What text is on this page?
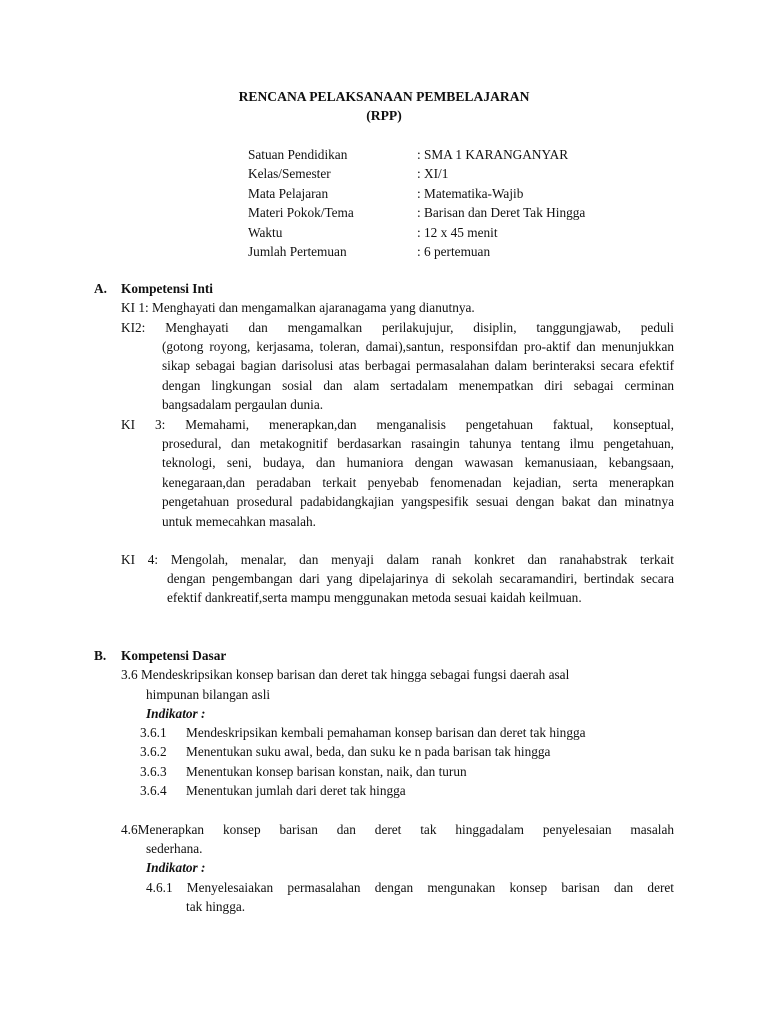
RENCANA PELAKSANAAN PEMBELAJARAN
(RPP)
Satuan Pendidikan	: SMA 1 KARANGANYAR
Kelas/Semester	: XI/1
Mata Pelajaran	: Matematika-Wajib
Materi Pokok/Tema	: Barisan dan Deret Tak Hingga
Waktu	: 12 x 45 menit
Jumlah Pertemuan	: 6 pertemuan
A. Kompetensi Inti
KI 1: Menghayati dan mengamalkan ajaranagama yang dianutnya.
KI2: Menghayati dan mengamalkan perilakujujur, disiplin, tanggungjawab, peduli
(gotong royong, kerjasama, toleran, damai),santun, responsifdan pro-aktif dan menunjukkan sikap sebagai bagian darisolusi atas berbagai permasalahan dalam berinteraksi secara efektif dengan lingkungan sosial dan alam sertadalam menempatkan diri sebagai cerminan bangsadalam pergaulan dunia.
KI 3: Memahami, menerapkan,dan menganalisis pengetahuan faktual, konseptual,
prosedural, dan metakognitif berdasarkan rasaingin tahunya tentang ilmu pengetahuan, teknologi, seni, budaya, dan humaniora dengan wawasan kemanusiaan, kebangsaan, kenegaraan,dan peradaban terkait penyebab fenomenadan kejadian, serta menerapkan pengetahuan prosedural padabidangkajian yangspesifik sesuai dengan bakat dan minatnya untuk memecahkan masalah.
KI 4: Mengolah, menalar, dan menyaji dalam ranah konkret dan ranahabstrak terkait
dengan pengembangan dari yang dipelajarinya di sekolah secaramandiri, bertindak secara efektif dankreatif,serta mampu menggunakan metoda sesuai kaidah keilmuan.
B. Kompetensi Dasar
3.6 Mendeskripsikan konsep barisan dan deret tak hingga sebagai fungsi daerah asal
himpunan bilangan asli
Indikator :
3.6.1 Mendeskripsikan kembali pemahaman konsep barisan dan deret tak hingga
3.6.2 Menentukan suku awal, beda, dan suku ke n pada barisan tak hingga
3.6.3 Menentukan konsep barisan konstan, naik, dan turun
3.6.4 Menentukan jumlah dari deret tak hingga
4.6Menerapkan konsep barisan dan deret tak hinggadalam penyelesaian masalah
sederhana.
Indikator :
4.6.1 Menyelesaiakan permasalahan dengan mengunakan konsep barisan dan deret
tak hingga.
